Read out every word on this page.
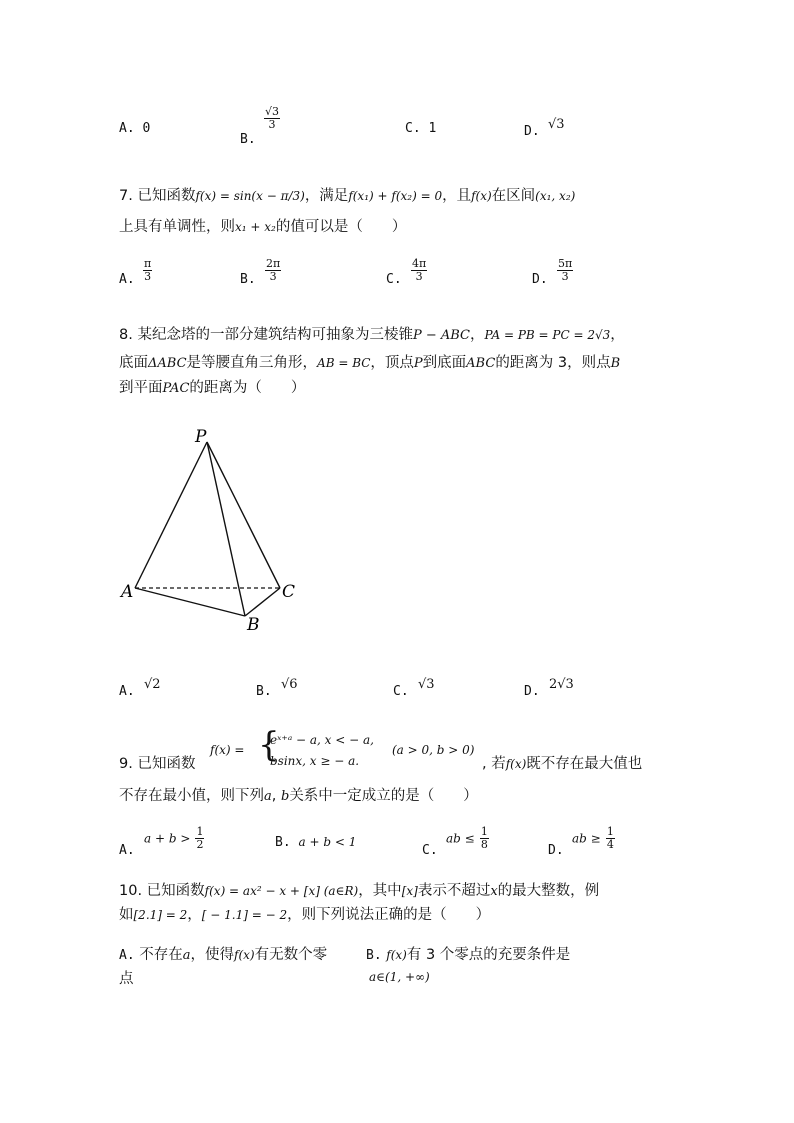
A. 0
B.
$\frac{√3}{3}$	C. 1	D. √3
7. 已知函数f(x) = sin(x − π/3)，满足f(x₁) + f(x₂) = 0，且f(x)在区间(x₁, x₂)
上具有单调性，则x₁ + x₂的值可以是（　　）
A. $\frac{\pi}{3}$	B. $\frac{2\pi}{3}$	C. $\frac{4\pi}{3}$	D. $\frac{5\pi}{3}$
8. 某纪念塔的一部分建筑结构可抽象为三棱锥P − ABC，PA = PB = PC = 2√3，
底面ΔABC是等腰直角三角形，AB = BC，顶点P到底面ABC的距离为 3，则点B
到平面PAC的距离为（　　）
P
A
B
C
A. √2	B. √6	C. √3	D. 2√3
9. 已知函数
f(x) = {
eˣ⁺ᵃ − a, x < − a,
bsinx, x ≥ − a.
(a > 0, b > 0)
, 若f(x)既不存在最大值也
不存在最小值，则下列a, b关系中一定成立的是（　　）
A.
$a + b > \frac{1}{2}$	B. a + b < 1
C.
ab ≤ $\frac{1}{8}$
D.
ab ≥ $\frac{1}{4}$
10. 已知函数f(x) = ax² − x + [x] (a∈R)，其中[x]表示不超过x的最大整数，例
如[2.1] = 2，[ − 1.1] = − 2，则下列说法正确的是（　　）
A. 不存在a，使得f(x)有无数个零
点
B. f(x)有 3 个零点的充要条件是
a∈(1, +∞)
